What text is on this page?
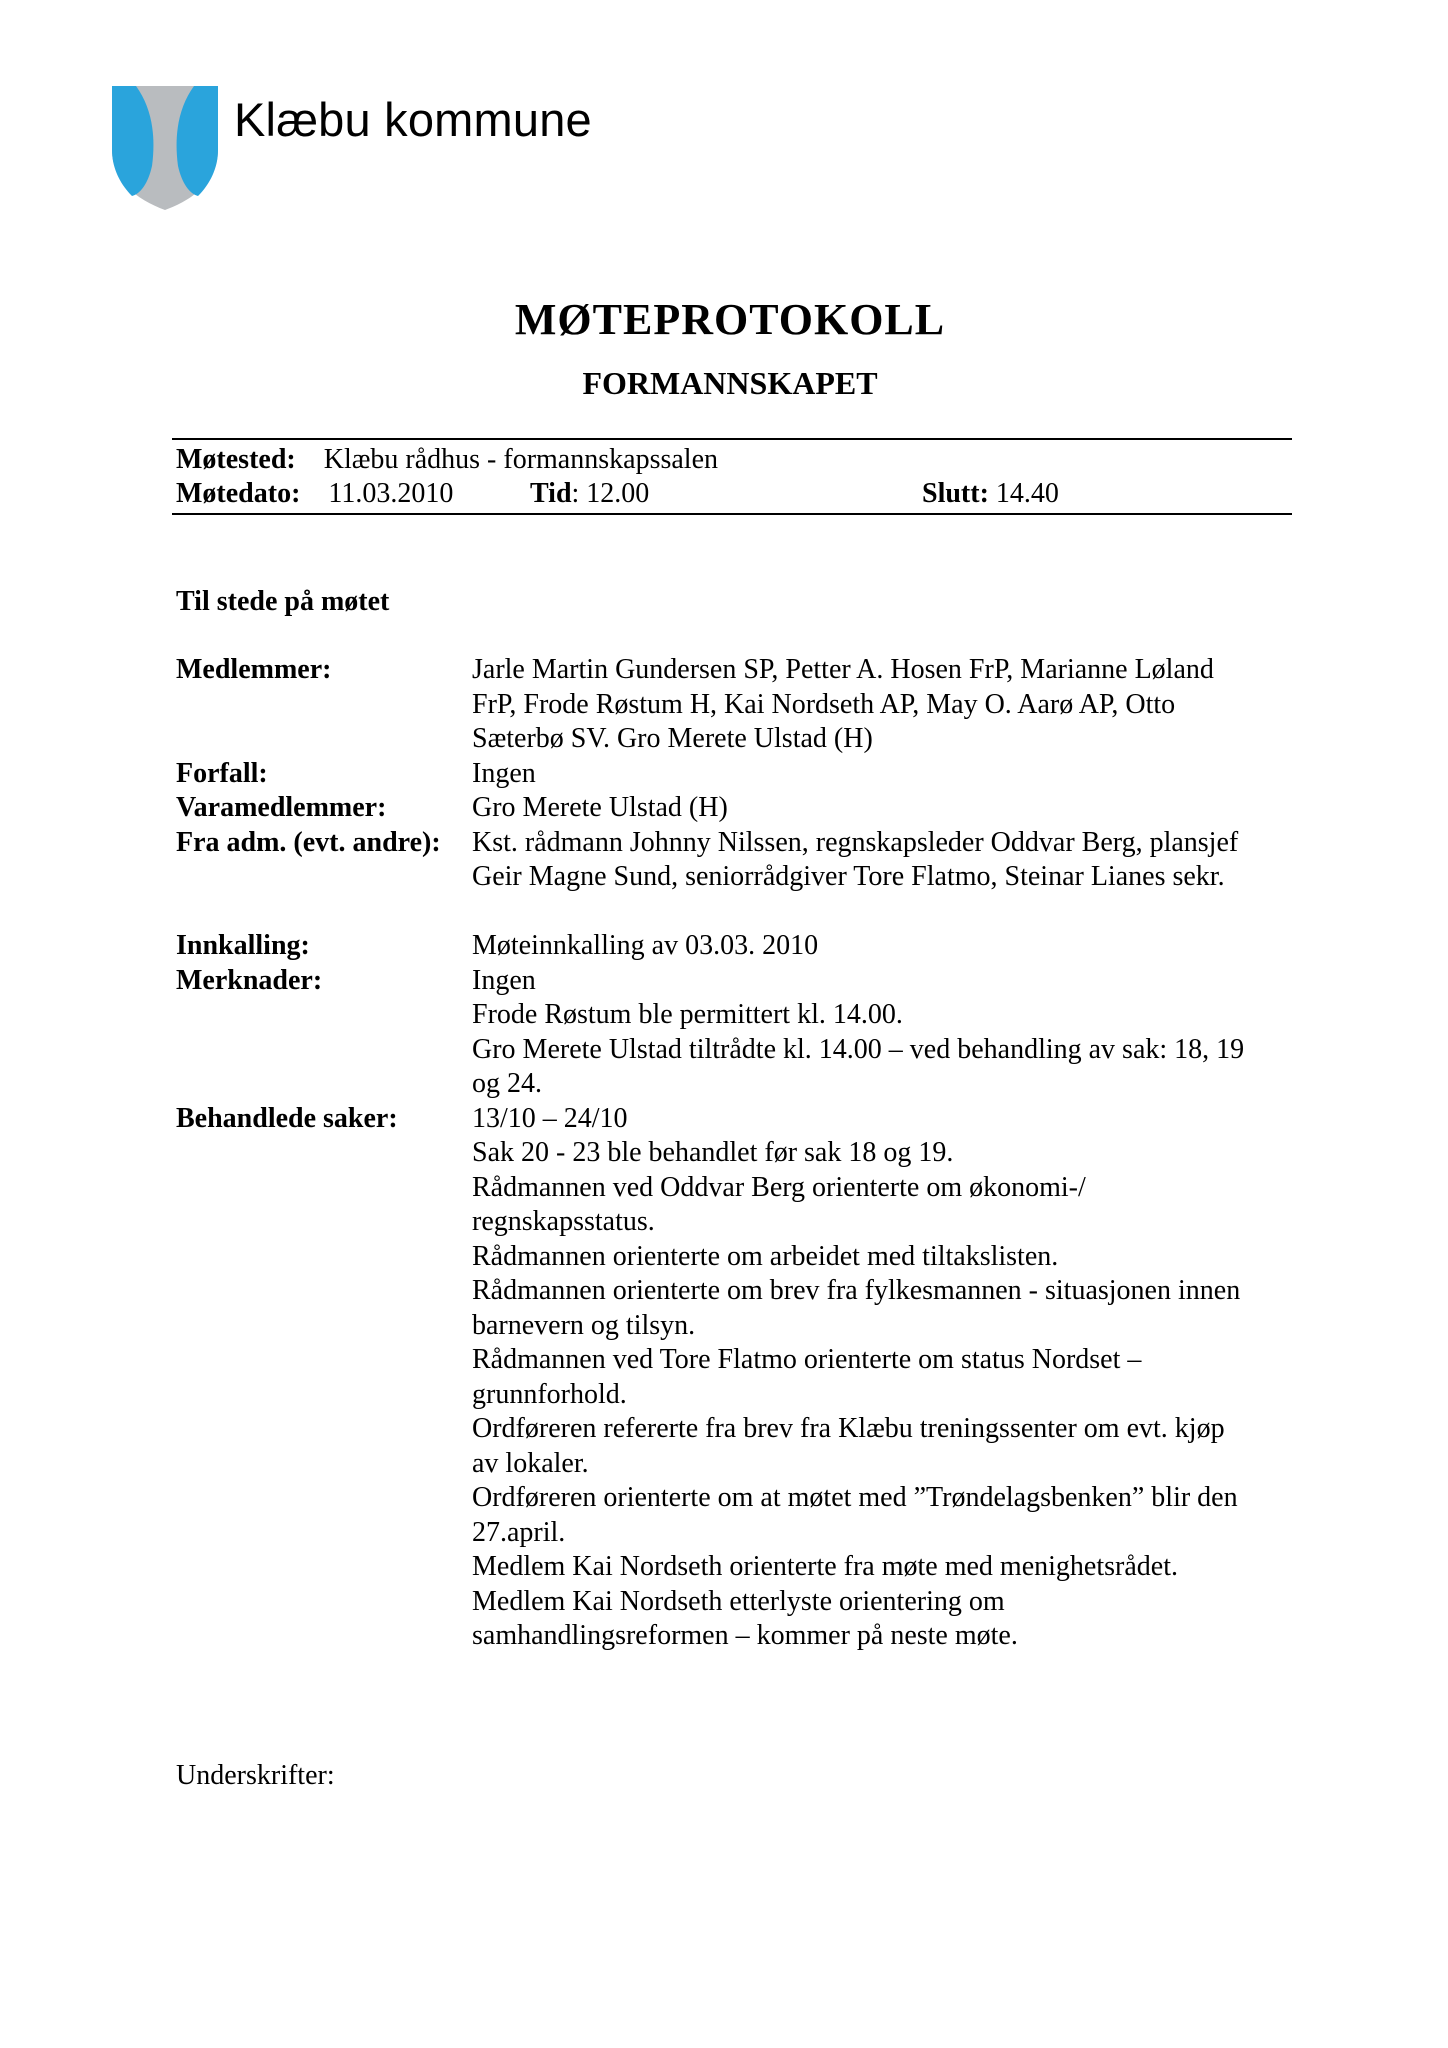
Klæbu kommune
MØTEPROTOKOLL
FORMANNSKAPET
Møtested: Klæbu rådhus - formannskapssalen
Møtedato: 11.03.2010	Tid: 12.00	Slutt: 14.40
Til stede på møtet
Medlemmer:	Jarle Martin Gundersen SP, Petter A. Hosen FrP, Marianne Løland
FrP, Frode Røstum H, Kai Nordseth AP, May O. Aarø AP, Otto
Sæterbø SV. Gro Merete Ulstad (H)
Forfall:	Ingen
Varamedlemmer:	Gro Merete Ulstad (H)
Fra adm. (evt. andre):	Kst. rådmann Johnny Nilssen, regnskapsleder Oddvar Berg, plansjef
Geir Magne Sund, seniorrådgiver Tore Flatmo, Steinar Lianes sekr.
Innkalling:	Møteinnkalling av 03.03. 2010
Merknader:	Ingen
Frode Røstum ble permittert kl. 14.00.
Gro Merete Ulstad tiltrådte kl. 14.00 – ved behandling av sak: 18, 19
og 24.
Behandlede saker:	13/10 – 24/10
Sak 20 - 23 ble behandlet før sak 18 og 19.
Rådmannen ved Oddvar Berg orienterte om økonomi-/
regnskapsstatus.
Rådmannen orienterte om arbeidet med tiltakslisten.
Rådmannen orienterte om brev fra fylkesmannen - situasjonen innen
barnevern og tilsyn.
Rådmannen ved Tore Flatmo orienterte om status Nordset –
grunnforhold.
Ordføreren refererte fra brev fra Klæbu treningssenter om evt. kjøp
av lokaler.
Ordføreren orienterte om at møtet med ”Trøndelagsbenken” blir den
27.april.
Medlem Kai Nordseth orienterte fra møte med menighetsrådet.
Medlem Kai Nordseth etterlyste orientering om
samhandlingsreformen – kommer på neste møte.
Underskrifter:
